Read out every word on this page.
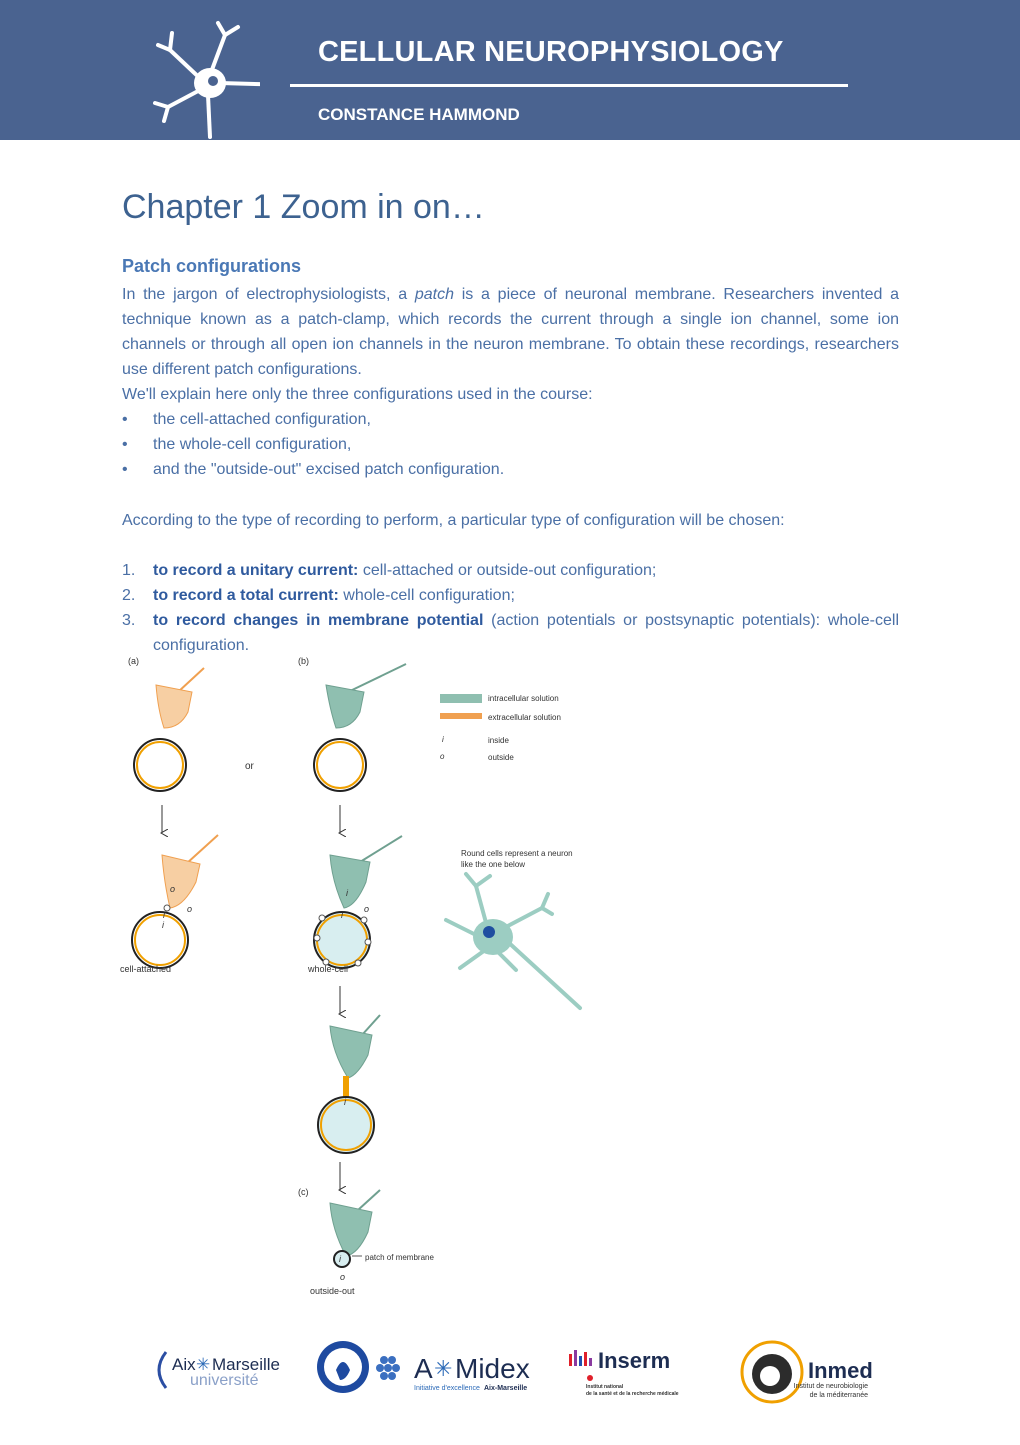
CELLULAR NEUROPHYSIOLOGY
CONSTANCE HAMMOND
Chapter 1 Zoom in on…
Patch configurations
In the jargon of electrophysiologists, a patch is a piece of neuronal membrane. Researchers invented a technique known as a patch-clamp, which records the current through a single ion channel, some ion channels or through all open ion channels in the neuron membrane. To obtain these recordings, researchers use different patch configurations.
We'll explain here only the three configurations used in the course:
• the cell-attached configuration,
• the whole-cell configuration,
• and the "outside-out" excised patch configuration.
According to the type of recording to perform, a particular type of configuration will be chosen:
1. to record a unitary current: cell-attached or outside-out configuration;
2. to record a total current: whole-cell configuration;
3. to record changes in membrane potential (action potentials or postsynaptic potentials): whole-cell configuration.
(a)	(b)
(c)
or
intracellular solution
extracellular solution
i	inside
o	outside
o
i
o
i
cell-attached
i
o
i
whole-cell
Round cells represent a neuron
like the one below
i
i
o
patch of membrane
outside-out
Aix ✳ Marseille
université	A ✳ Midex
Initiative d'excellence Aix-Marseille
Inserm
Institut national
de la santé et de la recherche médicale
Inmed
Institut de neurobiologie
de la méditerranée
